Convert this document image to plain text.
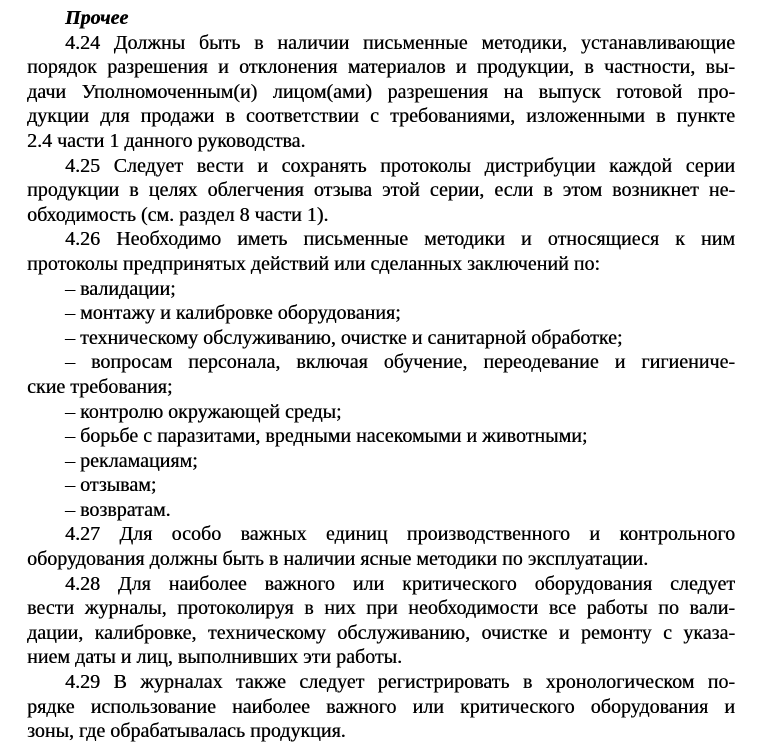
Прочее
4.24 Должны быть в наличии письменные методики, устанавливающие
порядок разрешения и отклонения материалов и продукции, в частности, вы-
дачи Уполномоченным(и) лицом(ами) разрешения на выпуск готовой про-
дукции для продажи в соответствии с требованиями, изложенными в пункте
2.4 части 1 данного руководства.
4.25 Следует вести и сохранять протоколы дистрибуции каждой серии
продукции в целях облегчения отзыва этой серии, если в этом возникнет не-
обходимость (см. раздел 8 части 1).
4.26 Необходимо иметь письменные методики и относящиеся к ним
протоколы предпринятых действий или сделанных заключений по:
– валидации;
– монтажу и калибровке оборудования;
– техническому обслуживанию, очистке и санитарной обработке;
– вопросам персонала, включая обучение, переодевание и гигиениче-
ские требования;
– контролю окружающей среды;
– борьбе с паразитами, вредными насекомыми и животными;
– рекламациям;
– отзывам;
– возвратам.
4.27 Для особо важных единиц производственного и контрольного
оборудования должны быть в наличии ясные методики по эксплуатации.
4.28 Для наиболее важного или критического оборудования следует
вести журналы, протоколируя в них при необходимости все работы по вали-
дации, калибровке, техническому обслуживанию, очистке и ремонту с указа-
нием даты и лиц, выполнивших эти работы.
4.29 В журналах также следует регистрировать в хронологическом по-
рядке использование наиболее важного или критического оборудования и
зоны, где обрабатывалась продукция.
